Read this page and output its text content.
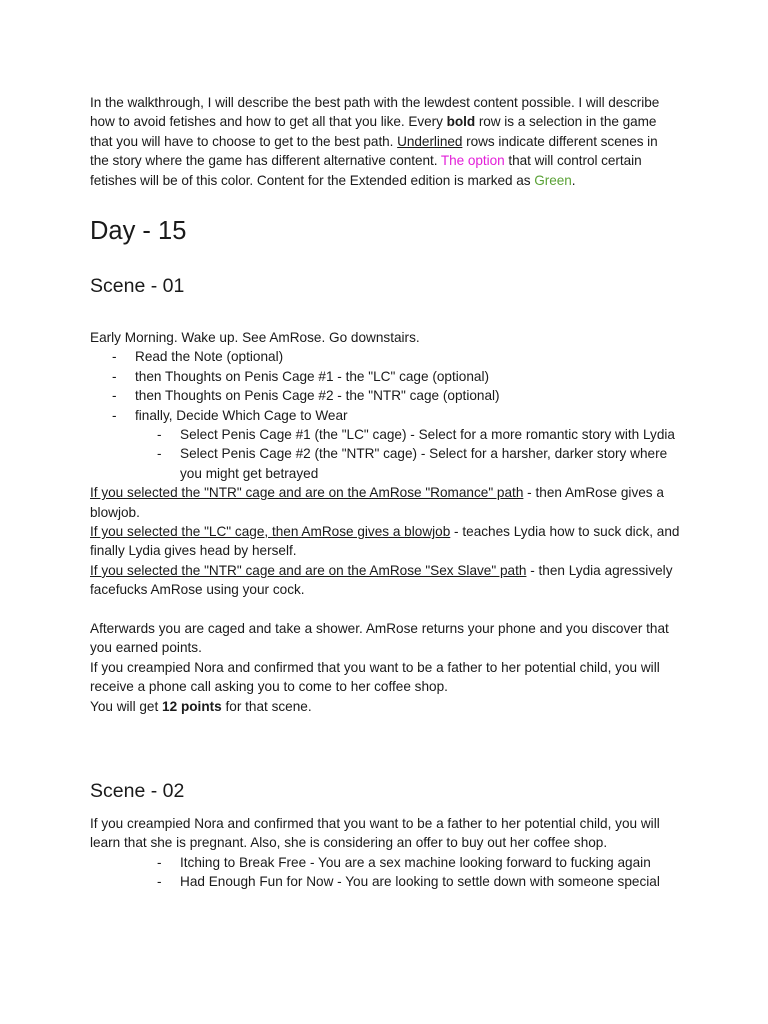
In the walkthrough, I will describe the best path with the lewdest content possible. I will describe how to avoid fetishes and how to get all that you like. Every bold row is a selection in the game that you will have to choose to get to the best path. Underlined rows indicate different scenes in the story where the game has different alternative content. The option that will control certain fetishes will be of this color. Content for the Extended edition is marked as Green.

Day - 15
Scene - 01

Early Morning. Wake up. See AmRose. Go downstairs.

- Read the Note (optional)
- then Thoughts on Penis Cage #1 - the "LC" cage (optional)
- then Thoughts on Penis Cage #2 - the "NTR" cage (optional)
- finally, Decide Which Cage to Wear
- Select Penis Cage #1 (the "LC" cage) - Select for a more romantic story with Lydia
- Select Penis Cage #2 (the "NTR" cage) - Select for a harsher, darker story where you might get betrayed

If you selected the "NTR" cage and are on the AmRose "Romance" path - then AmRose gives a blowjob.

If you selected the "LC" cage, then AmRose gives a blowjob - teaches Lydia how to suck dick, and finally Lydia gives head by herself.

If you selected the "NTR" cage and are on the AmRose "Sex Slave" path - then Lydia agressively facefucks AmRose using your cock.

Afterwards you are caged and take a shower. AmRose returns your phone and you discover that you earned points.

If you creampied Nora and confirmed that you want to be a father to her potential child, you will receive a phone call asking you to come to her coffee shop.

You will get 12 points for that scene.

Scene - 02

If you creampied Nora and confirmed that you want to be a father to her potential child, you will learn that she is pregnant. Also, she is considering an offer to buy out her coffee shop.

- Itching to Break Free - You are a sex machine looking forward to fucking again
- Had Enough Fun for Now - You are looking to settle down with someone special
